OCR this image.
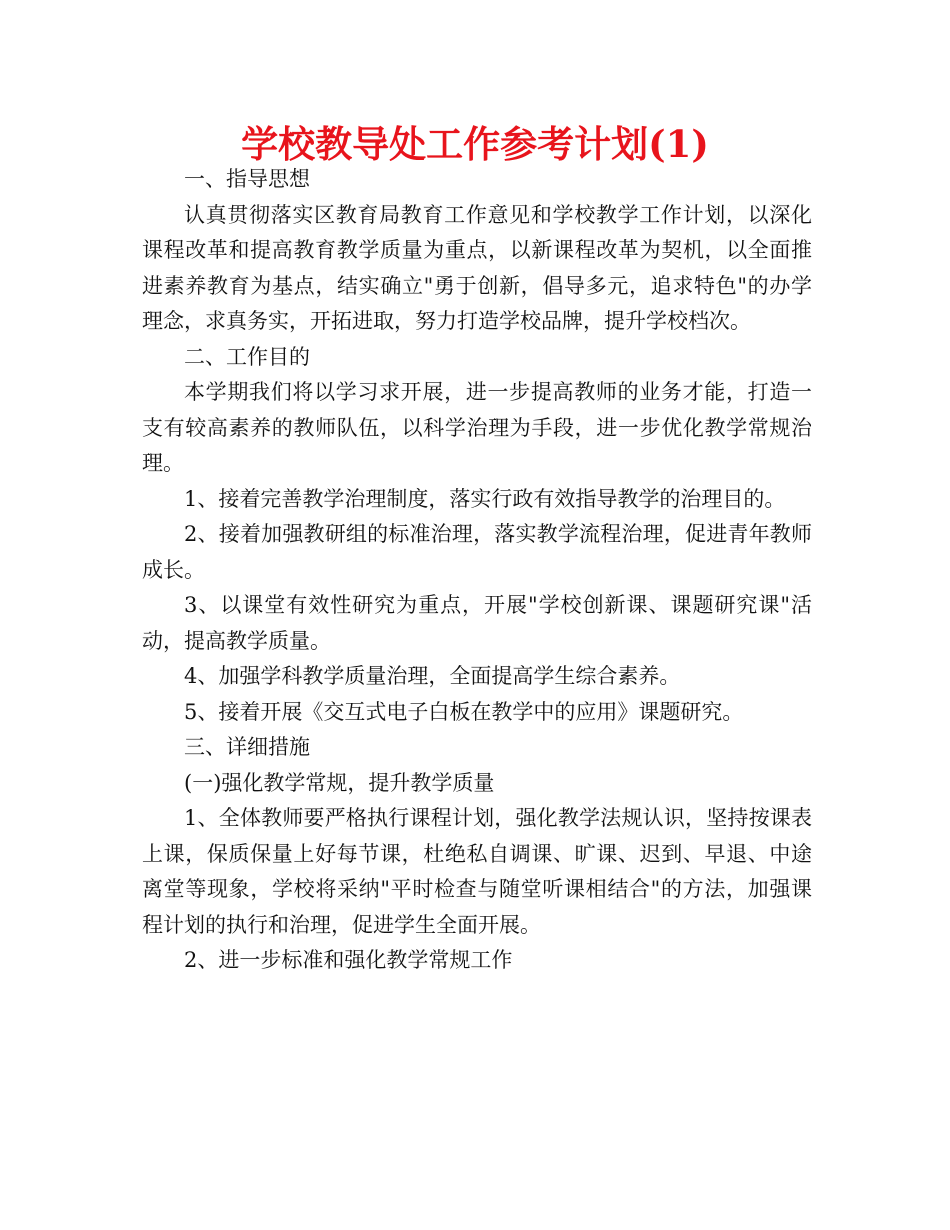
学校教导处工作参考计划(1)

一、指导思想

认真贯彻落实区教育局教育工作意见和学校教学工作计划，以深化课程改革和提高教育教学质量为重点，以新课程改革为契机，以全面推进素养教育为基点，结实确立"勇于创新，倡导多元，追求特色"的办学理念，求真务实，开拓进取，努力打造学校品牌，提升学校档次。

二、工作目的

本学期我们将以学习求开展，进一步提高教师的业务才能，打造一支有较高素养的教师队伍，以科学治理为手段，进一步优化教学常规治理。

1、接着完善教学治理制度，落实行政有效指导教学的治理目的。

2、接着加强教研组的标准治理，落实教学流程治理，促进青年教师成长。

3、以课堂有效性研究为重点，开展"学校创新课、课题研究课"活动，提高教学质量。

4、加强学科教学质量治理，全面提高学生综合素养。

5、接着开展《交互式电子白板在教学中的应用》课题研究。

三、详细措施

(一)强化教学常规，提升教学质量

1、全体教师要严格执行课程计划，强化教学法规认识，坚持按课表上课，保质保量上好每节课，杜绝私自调课、旷课、迟到、早退、中途离堂等现象，学校将采纳"平时检查与随堂听课相结合"的方法，加强课程计划的执行和治理，促进学生全面开展。

2、进一步标准和强化教学常规工作
